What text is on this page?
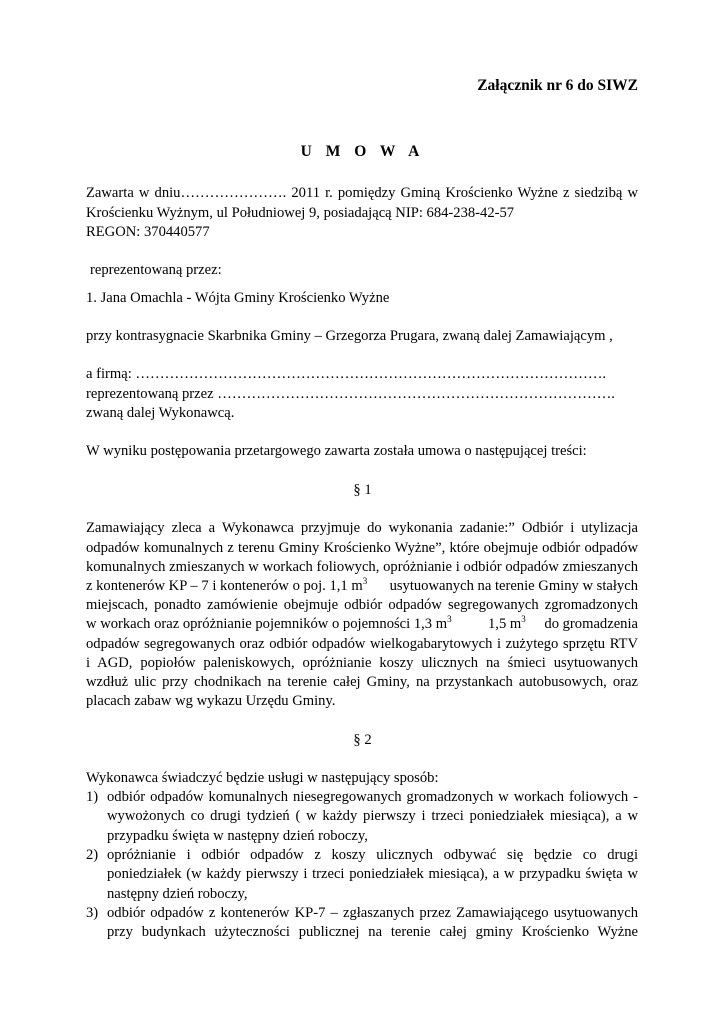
Załącznik nr 6 do SIWZ
U M O W A
Zawarta w dniu…………………. 2011 r. pomiędzy Gminą Krościenko Wyżne z siedzibą w
Krościenku Wyżnym, ul Południowej 9, posiadającą NIP: 684-238-42-57
REGON: 370440577
reprezentowaną przez:
1. Jana Omachla - Wójta Gminy Krościenko Wyżne
przy kontrasygnacie Skarbnika Gminy – Grzegorza Prugara, zwaną dalej Zamawiającym ,
a firmą: …………………………………………………………………………………….
reprezentowaną przez ……………………………………………………………………….
zwaną dalej Wykonawcą.
W wyniku postępowania przetargowego zawarta została umowa o następującej treści:
§ 1
Zamawiający zleca a Wykonawca przyjmuje do wykonania zadanie:” Odbiór i utylizacja
odpadów komunalnych z terenu Gminy Krościenko Wyżne”, które obejmuje odbiór odpadów
komunalnych zmieszanych w workach foliowych, opróżnianie i odbiór odpadów zmieszanych
z kontenerów KP – 7 i kontenerów o poj. 1,1 $m^3$ usytuowanych na terenie Gminy w stałych
miejscach, ponadto zamówienie obejmuje odbiór odpadów segregowanych zgromadzonych
w workach oraz opróżnianie pojemników o pojemności 1,3 $m^3$ 1,5 $m^3$ do gromadzenia
odpadów segregowanych oraz odbiór odpadów wielkogabarytowych i zużytego sprzętu RTV
i AGD, popiołów paleniskowych, opróżnianie koszy ulicznych na śmieci usytuowanych
wzdłuż ulic przy chodnikach na terenie całej Gminy, na przystankach autobusowych, oraz
placach zabaw wg wykazu Urzędu Gminy.
§ 2
Wykonawca świadczyć będzie usługi w następujący sposób:
1) odbiór odpadów komunalnych niesegregowanych gromadzonych w workach foliowych -
wywożonych co drugi tydzień ( w każdy pierwszy i trzeci poniedziałek miesiąca), a w
przypadku święta w następny dzień roboczy,
2) opróżnianie i odbiór odpadów z koszy ulicznych odbywać się będzie co drugi
poniedziałek (w każdy pierwszy i trzeci poniedziałek miesiąca), a w przypadku święta w
następny dzień roboczy,
3) odbiór odpadów z kontenerów KP-7 – zgłaszanych przez Zamawiającego usytuowanych
przy budynkach użyteczności publicznej na terenie całej gminy Krościenko Wyżne
